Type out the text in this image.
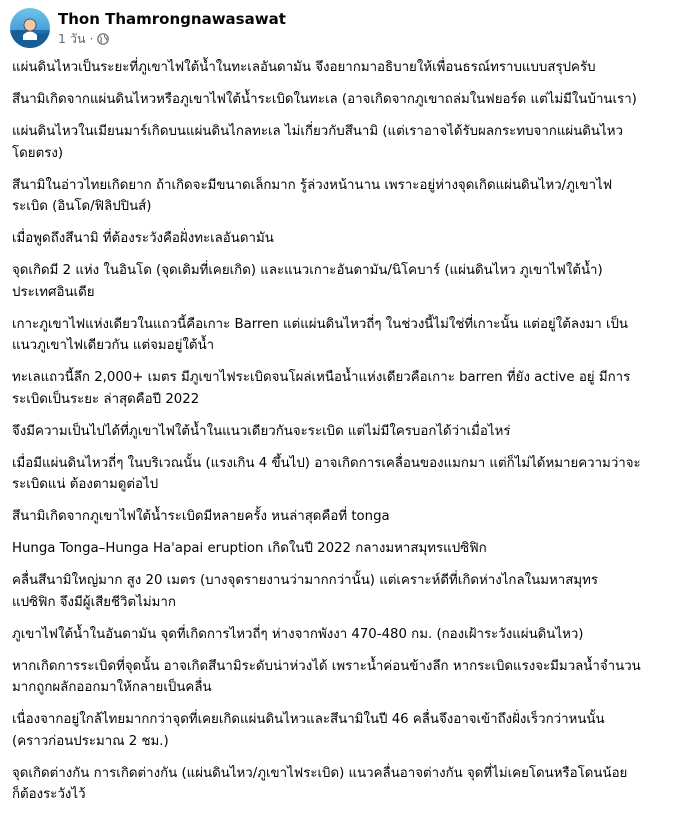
Thon Thamrongnawasawat
1 วัน ·
แผ่นดินไหวเป็นระยะที่ภูเขาไฟใต้น้ำในทะเลอันดามัน จึงอยากมาอธิบายให้เพื่อนธรณ์ทราบแบบสรุปครับ
สึนามิเกิดจากแผ่นดินไหวหรือภูเขาไฟใต้น้ำระเบิดในทะเล (อาจเกิดจากภูเขาถล่มในฟยอร์ด แต่ไม่มีในบ้านเรา)
แผ่นดินไหวในเมียนมาร์เกิดบนแผ่นดินไกลทะเล ไม่เกี่ยวกับสึนามิ (แต่เราอาจได้รับผลกระทบจากแผ่นดินไหว
โดยตรง)
สึนามิในอ่าวไทยเกิดยาก ถ้าเกิดจะมีขนาดเล็กมาก รู้ล่วงหน้านาน เพราะอยู่ห่างจุดเกิดแผ่นดินไหว/ภูเขาไฟ
ระเบิด (อินโด/ฟิลิปปินส์)
เมื่อพูดถึงสึนามิ ที่ต้องระวังคือฝั่งทะเลอันดามัน
จุดเกิดมี 2 แห่ง ในอินโด (จุดเดิมที่เคยเกิด) และแนวเกาะอันดามัน/นิโคบาร์ (แผ่นดินไหว ภูเขาไฟใต้น้ำ)
ประเทศอินเดีย
เกาะภูเขาไฟแห่งเดียวในแถวนี้คือเกาะ Barren แต่แผ่นดินไหวถี่ๆ ในช่วงนี้ไม่ใช่ที่เกาะนั้น แต่อยู่ใต้ลงมา เป็น
แนวภูเขาไฟเดียวกัน แต่จมอยู่ใต้น้ำ
ทะเลแถวนี้ลึก 2,000+ เมตร มีภูเขาไฟระเบิดจนโผล่เหนือน้ำแห่งเดียวคือเกาะ barren ที่ยัง active อยู่ มีการ
ระเบิดเป็นระยะ ล่าสุดคือปี 2022
จึงมีความเป็นไปได้ที่ภูเขาไฟใต้น้ำในแนวเดียวกันจะระเบิด แต่ไม่มีใครบอกได้ว่าเมื่อไหร่
เมื่อมีแผ่นดินไหวถี่ๆ ในบริเวณนั้น (แรงเกิน 4 ขึ้นไป) อาจเกิดการเคลื่อนของแมกมา แต่ก็ไม่ได้หมายความว่าจะ
ระเบิดแน่ ต้องตามดูต่อไป
สึนามิเกิดจากภูเขาไฟใต้น้ำระเบิดมีหลายครั้ง หนล่าสุดคือที่ tonga
Hunga Tonga–Hunga Ha'apai eruption เกิดในปี 2022 กลางมหาสมุทรแปซิฟิก
คลื่นสึนามิใหญ่มาก สูง 20 เมตร (บางจุดรายงานว่ามากกว่านั้น) แต่เคราะห์ดีที่เกิดห่างไกลในมหาสมุทร
แปซิฟิก จึงมีผู้เสียชีวิตไม่มาก
ภูเขาไฟใต้น้ำในอันดามัน จุดที่เกิดการไหวถี่ๆ ห่างจากพังงา 470-480 กม. (กองเฝ้าระวังแผ่นดินไหว)
หากเกิดการระเบิดที่จุดนั้น อาจเกิดสึนามิระดับน่าห่วงได้ เพราะน้ำค่อนข้างลึก หากระเบิดแรงจะมีมวลน้ำจำนวน
มากถูกผลักออกมาให้กลายเป็นคลื่น
เนื่องจากอยู่ใกล้ไทยมากกว่าจุดที่เคยเกิดแผ่นดินไหวและสึนามิในปี 46 คลื่นจึงอาจเข้าถึงฝั่งเร็วกว่าหนนั้น
(คราวก่อนประมาณ 2 ชม.)
จุดเกิดต่างกัน การเกิดต่างกัน (แผ่นดินไหว/ภูเขาไฟระเบิด) แนวคลื่นอาจต่างกัน จุดที่ไม่เคยโดนหรือโดนน้อย
ก็ต้องระวังไว้
